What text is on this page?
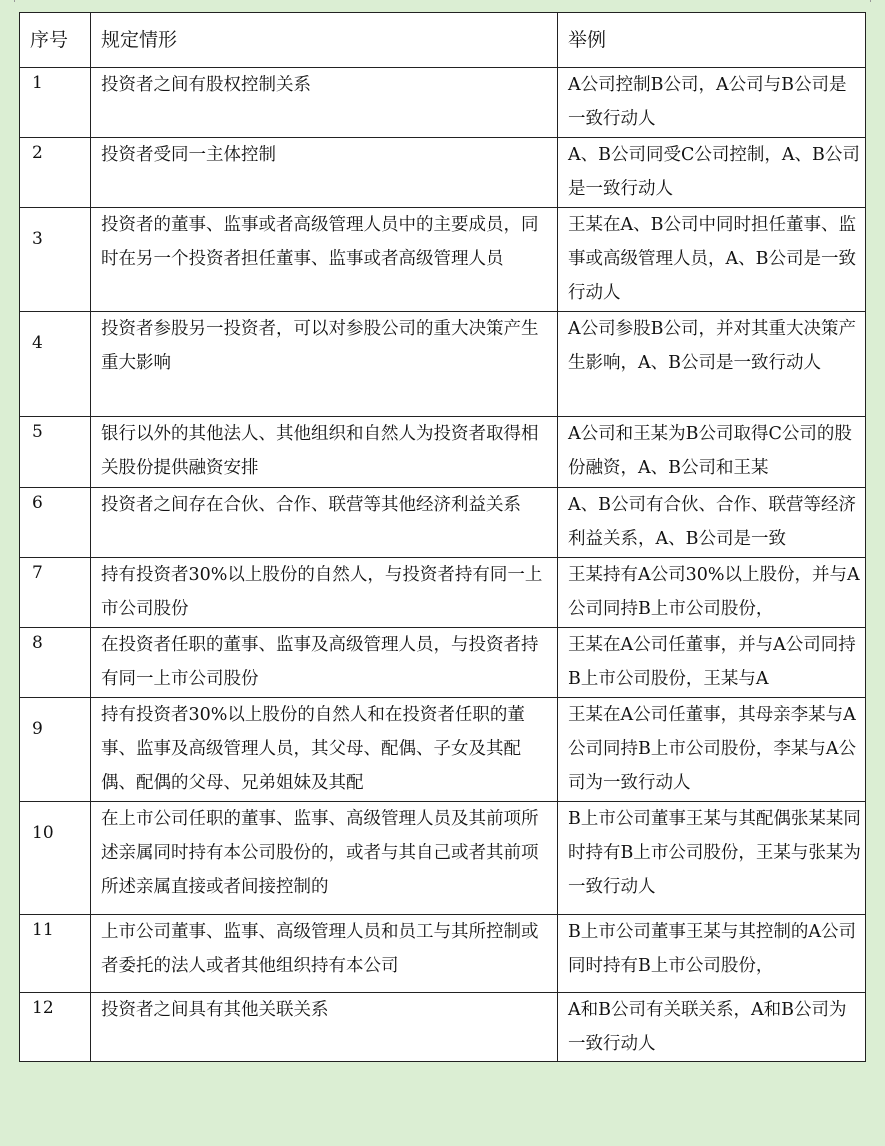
序号	规定情形	举例

1	投资者之间有股权控制关系	A公司控制B公司，A公司与B公司是一致行动人

2	投资者受同一主体控制	A、B公司同受C公司控制，A、B公司是一致行动人

3	投资者的董事、监事或者高级管理人员中的主要成员，同时在另一个投资者担任董事、监事或者高级管理人员	王某在A、B公司中同时担任董事、监事或高级管理人员，A、B公司是一致行动人

4	投资者参股另一投资者，可以对参股公司的重大决策产生重大影响	A公司参股B公司，并对其重大决策产生影响，A、B公司是一致行动人

5	银行以外的其他法人、其他组织和自然人为投资者取得相关股份提供融资安排	A公司和王某为B公司取得C公司的股份融资，A、B公司和王某

6	投资者之间存在合伙、合作、联营等其他经济利益关系	A、B公司有合伙、合作、联营等经济利益关系，A、B公司是一致

7	持有投资者30%以上股份的自然人，与投资者持有同一上市公司股份	王某持有A公司30%以上股份，并与A公司同持B上市公司股份，

8	在投资者任职的董事、监事及高级管理人员，与投资者持有同一上市公司股份	王某在A公司任董事，并与A公司同持B上市公司股份，王某与A

9	持有投资者30%以上股份的自然人和在投资者任职的董事、监事及高级管理人员，其父母、配偶、子女及其配偶、配偶的父母、兄弟姐妹及其配	王某在A公司任董事，其母亲李某与A公司同持B上市公司股份，李某与A公司为一致行动人

10	在上市公司任职的董事、监事、高级管理人员及其前项所述亲属同时持有本公司股份的，或者与其自己或者其前项所述亲属直接或者间接控制的	B上市公司董事王某与其配偶张某某同时持有B上市公司股份，王某与张某为一致行动人

11	上市公司董事、监事、高级管理人员和员工与其所控制或者委托的法人或者其他组织持有本公司	B上市公司董事王某与其控制的A公司同时持有B上市公司股份，

12	投资者之间具有其他关联关系	A和B公司有关联关系，A和B公司为一致行动人
